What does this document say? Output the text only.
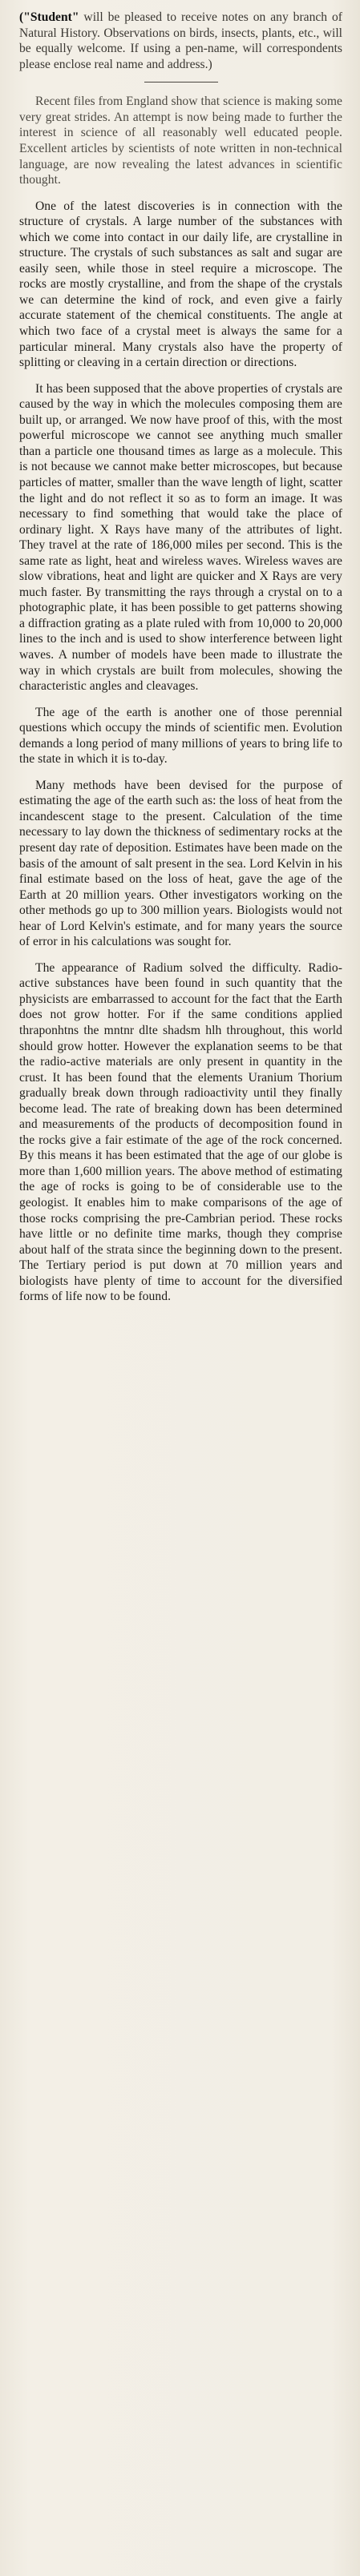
("Student" will be pleased to receive notes on any branch of Natural History. Observations on birds, insects, plants, etc., will be equally welcome. If using a pen-name, will correspondents please enclose real name and address.)

Recent files from England show that science is making some very great strides. An attempt is now being made to further the interest in science of all reasonably well educated people. Excellent articles by scientists of note written in non-technical language, are now revealing the latest advances in scientific thought.

One of the latest discoveries is in connection with the structure of crystals. A large number of the substances with which we come into contact in our daily life, are crystalline in structure. The crystals of such substances as salt and sugar are easily seen, while those in steel require a microscope. The rocks are mostly crystalline, and from the shape of the crystals we can determine the kind of rock, and even give a fairly accurate statement of the chemical constituents. The angle at which two face of a crystal meet is always the same for a particular mineral. Many crystals also have the property of splitting or cleaving in a certain direction or directions.

It has been supposed that the above properties of crystals are caused by the way in which the molecules composing them are built up, or arranged. We now have proof of this, with the most powerful microscope we cannot see anything much smaller than a particle one thousand times as large as a molecule. This is not because we cannot make better microscopes, but because particles of matter, smaller than the wave length of light, scatter the light and do not reflect it so as to form an image. It was necessary to find something that would take the place of ordinary light. X Rays have many of the attributes of light. They travel at the rate of 186,000 miles per second. This is the same rate as light, heat and wireless waves. Wireless waves are slow vibrations, heat and light are quicker and X Rays are very much faster. By transmitting the rays through a crystal on to a photographic plate, it has been possible to get patterns showing a diffraction grating as a plate ruled with from 10,000 to 20,000 lines to the inch and is used to show interference between light waves. A number of models have been made to illustrate the way in which crystals are built from molecules, showing the characteristic angles and cleavages.

The age of the earth is another one of those perennial questions which occupy the minds of scientific men. Evolution demands a long period of many millions of years to bring life to the state in which it is to-day.

Many methods have been devised for the purpose of estimating the age of the earth such as: the loss of heat from the incandescent stage to the present. Calculation of the time necessary to lay down the thickness of sedimentary rocks at the present day rate of deposition. Estimates have been made on the basis of the amount of salt present in the sea. Lord Kelvin in his final estimate based on the loss of heat, gave the age of the Earth at 20 million years. Other investigators working on the other methods go up to 300 million years. Biologists would not hear of Lord Kelvin's estimate, and for many years the source of error in his calculations was sought for.

The appearance of Radium solved the difficulty. Radio-active substances have been found in such quantity that the physicists are embarrassed to account for the fact that the Earth does not grow hotter. For if the same conditions applied thraponhtns the mntnr dlte shadsm hlh throughout, this world should grow hotter. However the explanation seems to be that the radio-active materials are only present in quantity in the crust. It has been found that the elements Uranium Thorium gradually break down through radioactivity until they finally become lead. The rate of breaking down has been determined and measurements of the products of decomposition found in the rocks give a fair estimate of the age of the rock concerned. By this means it has been estimated that the age of our globe is more than 1,600 million years. The above method of estimating the age of rocks is going to be of considerable use to the geologist. It enables him to make comparisons of the age of those rocks comprising the pre-Cambrian period. These rocks have little or no definite time marks, though they comprise about half of the strata since the beginning down to the present. The Tertiary period is put down at 70 million years and biologists have plenty of time to account for the diversified forms of life now to be found.
